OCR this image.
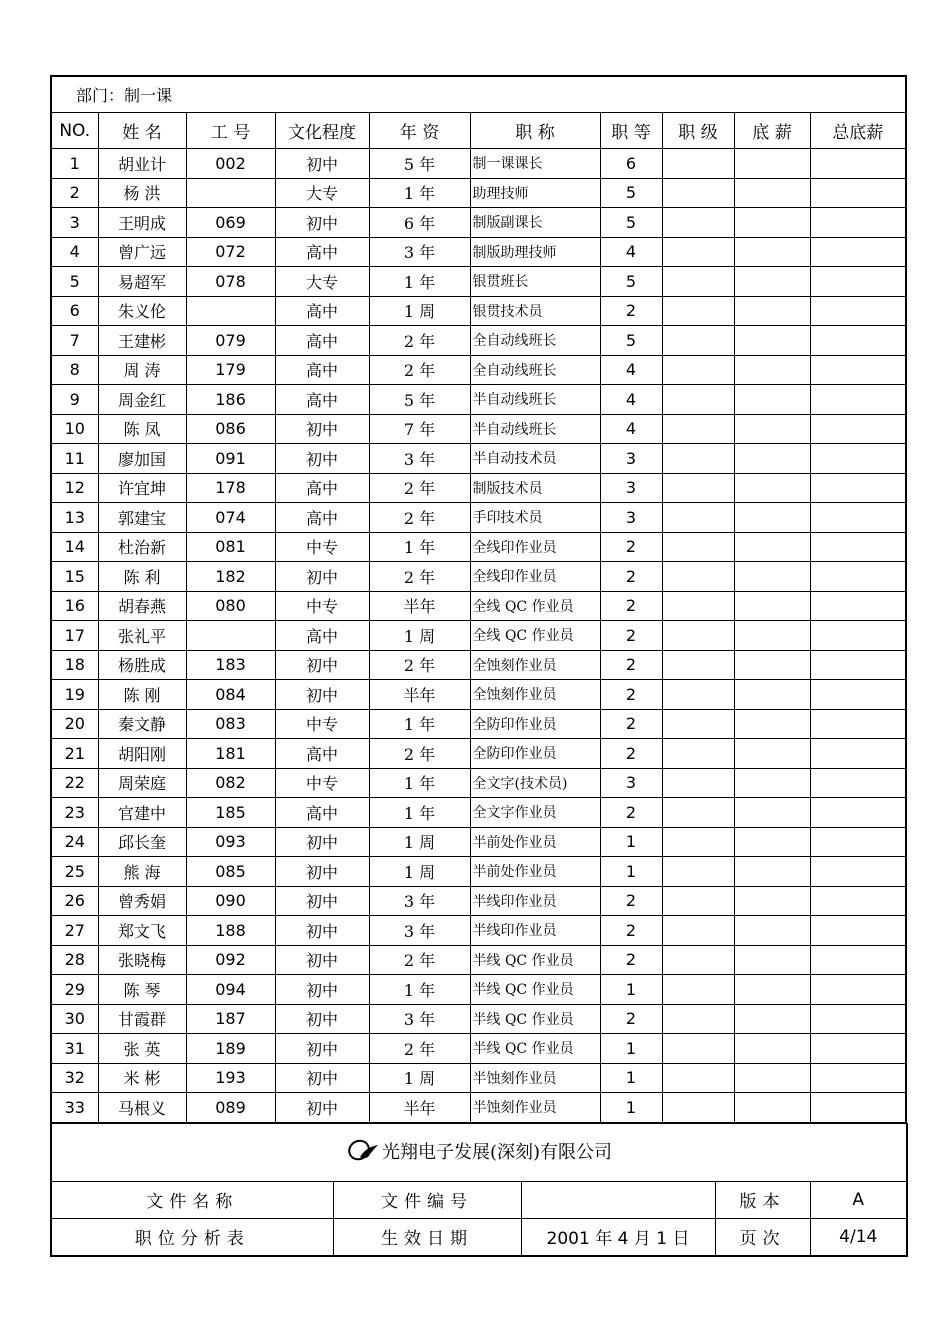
部门：制一课									
NO.	姓 名	工 号	文化程度	年 资	职 称	职 等	职 级	底 薪	总底薪
1	胡业计	002	初中	5 年	制一课课长	6			
2	杨 洪		大专	1 年	助理技师	5			
3	王明成	069	初中	6 年	制版副课长	5			
4	曾广远	072	高中	3 年	制版助理技师	4			
5	易超军	078	大专	1 年	银贯班长	5			
6	朱义伦		高中	1 周	银贯技术员	2			
7	王建彬	079	高中	2 年	全自动线班长	5			
8	周 涛	179	高中	2 年	全自动线班长	4			
9	周金红	186	高中	5 年	半自动线班长	4			
10	陈 凤	086	初中	7 年	半自动线班长	4			
11	廖加国	091	初中	3 年	半自动技术员	3			
12	许宜坤	178	高中	2 年	制版技术员	3			
13	郭建宝	074	高中	2 年	手印技术员	3			
14	杜治新	081	中专	1 年	全线印作业员	2			
15	陈 利	182	初中	2 年	全线印作业员	2			
16	胡春燕	080	中专	半年	全线 QC 作业员	2			
17	张礼平		高中	1 周	全线 QC 作业员	2			
18	杨胜成	183	初中	2 年	全蚀刻作业员	2			
19	陈 刚	084	初中	半年	全蚀刻作业员	2			
20	秦文静	083	中专	1 年	全防印作业员	2			
21	胡阳刚	181	高中	2 年	全防印作业员	2			
22	周荣庭	082	中专	1 年	全文字(技术员)	3			
23	官建中	185	高中	1 年	全文字作业员	2			
24	邱长奎	093	初中	1 周	半前处作业员	1			
25	熊 海	085	初中	1 周	半前处作业员	1			
26	曾秀娟	090	初中	3 年	半线印作业员	2			
27	郑文飞	188	初中	3 年	半线印作业员	2			
28	张晓梅	092	初中	2 年	半线 QC 作业员	2			
29	陈 琴	094	初中	1 年	半线 QC 作业员	1			
30	甘霞群	187	初中	3 年	半线 QC 作业员	2			
31	张 英	189	初中	2 年	半线 QC 作业员	1			
32	米 彬	193	初中	1 周	半蚀刻作业员	1			
33	马根义	089	初中	半年	半蚀刻作业员	1			
光翔电子发展(深刻)有限公司				
文件名称	文件编号		版本	A
职位分析表	生效日期	2001 年 4 月 1 日	页次	4/14
